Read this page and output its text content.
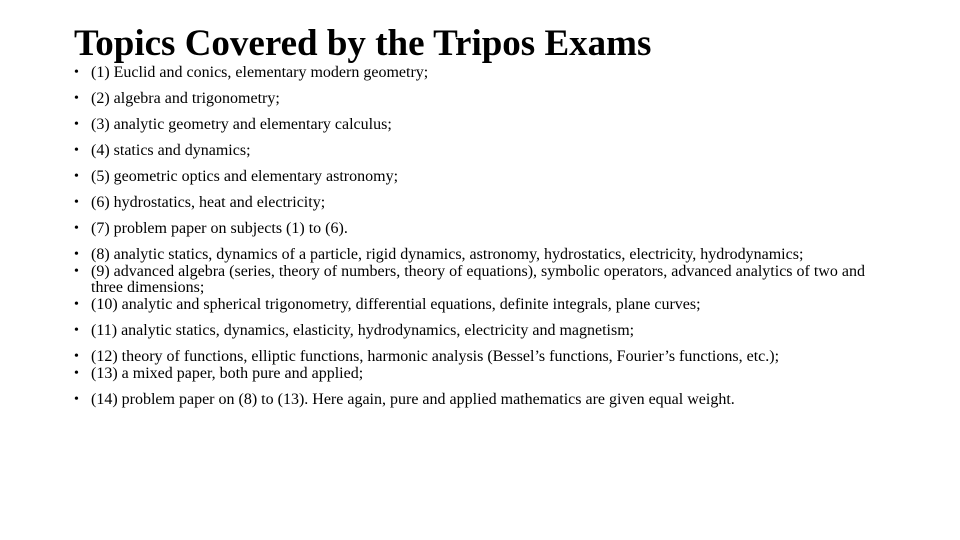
Topics Covered by the Tripos Exams
• (1) Euclid and conics, elementary modern geometry;
• (2) algebra and trigonometry;
• (3) analytic geometry and elementary calculus;
• (4) statics and dynamics;
• (5) geometric optics and elementary astronomy;
• (6) hydrostatics, heat and electricity;
• (7) problem paper on subjects (1) to (6).
• (8) analytic statics, dynamics of a particle, rigid dynamics, astronomy, hydrostatics, electricity, hydrodynamics;
• (9) advanced algebra (series, theory of numbers, theory of equations), symbolic operators, advanced analytics of two and three dimensions;
• (10) analytic and spherical trigonometry, differential equations, definite integrals, plane curves;
• (11) analytic statics, dynamics, elasticity, hydrodynamics, electricity and magnetism;
• (12) theory of functions, elliptic functions, harmonic analysis (Bessel’s functions, Fourier’s functions, etc.);
• (13) a mixed paper, both pure and applied;
• (14) problem paper on (8) to (13). Here again, pure and applied mathematics are given equal weight.
